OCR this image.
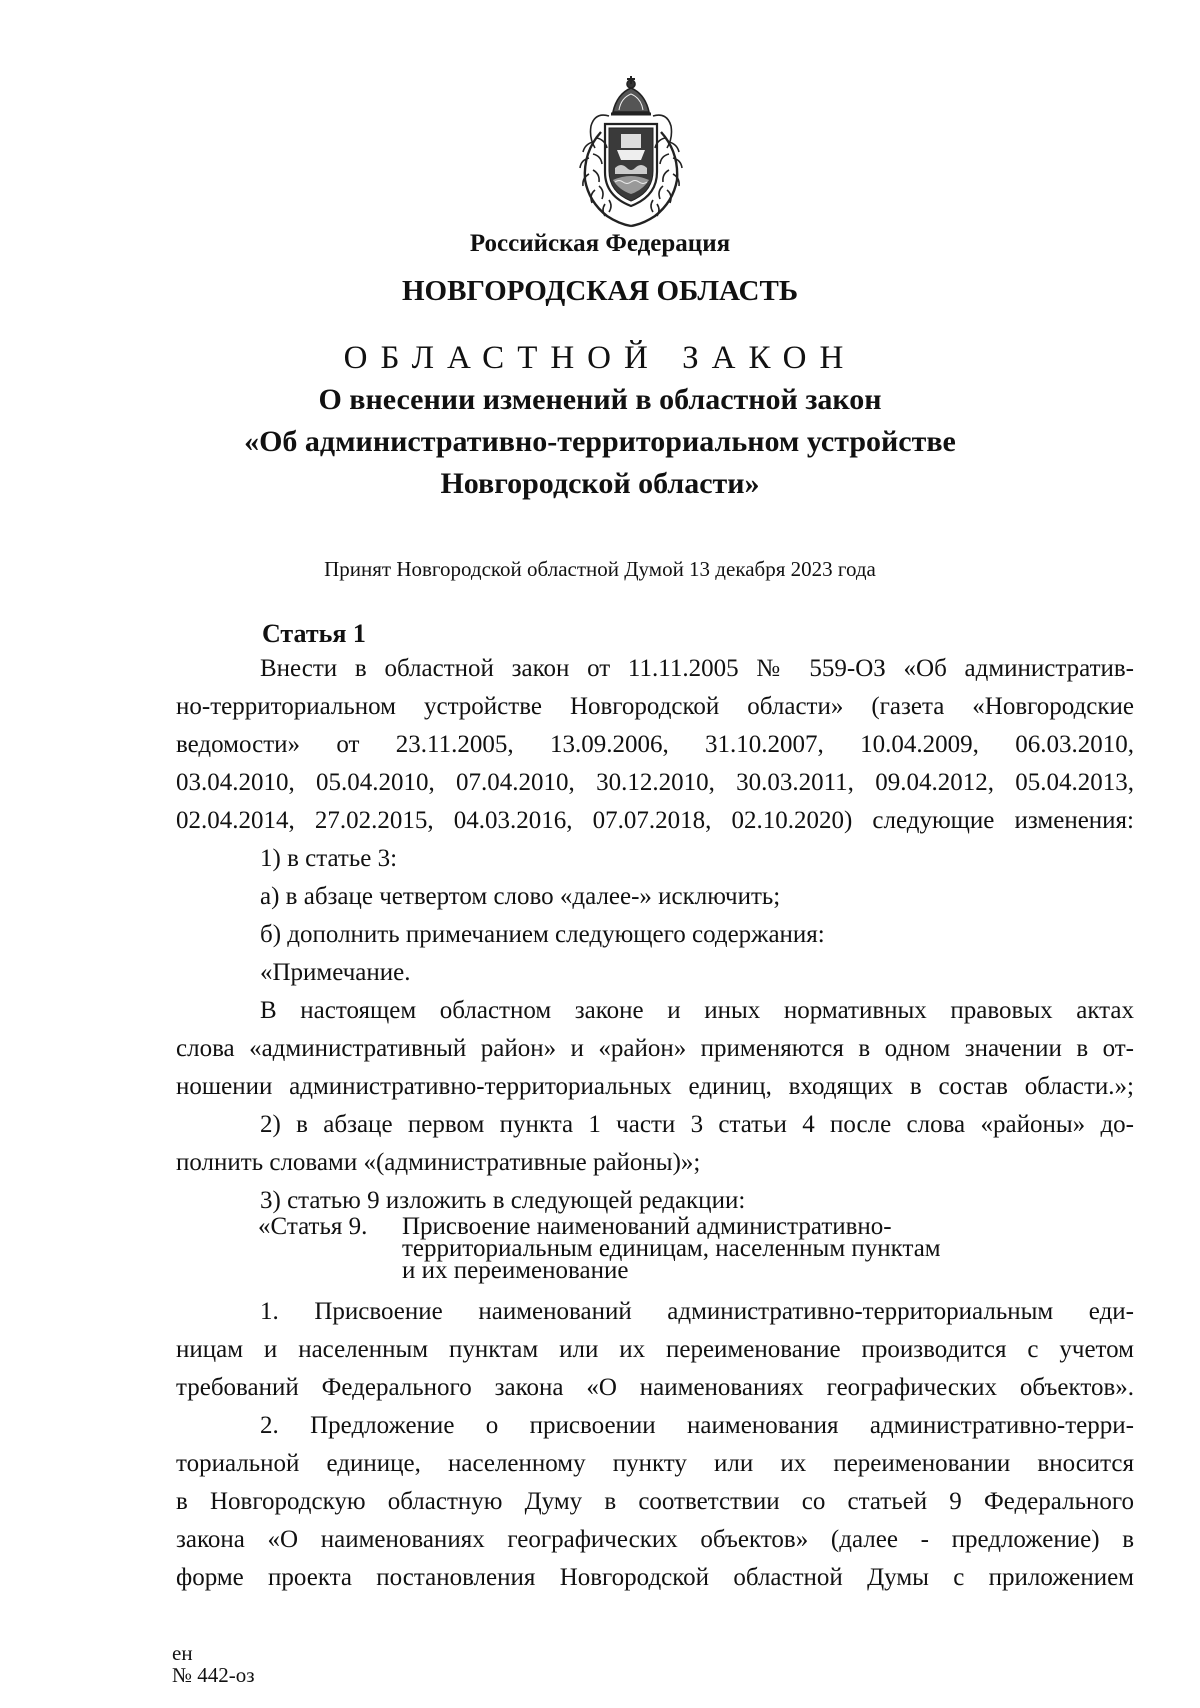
Российская Федерация
НОВГОРОДСКАЯ ОБЛАСТЬ
ОБЛАСТНОЙ ЗАКОН
О внесении изменений в областной закон
«Об административно-территориальном устройстве
Новгородской области»
Принят Новгородской областной Думой 13 декабря 2023 года
Статья 1
Внести в областной закон от 11.11.2005 № 559-ОЗ «Об административ-
но-территориальном устройстве Новгородской области» (газета «Новгородские
ведомости» от 23.11.2005, 13.09.2006, 31.10.2007, 10.04.2009, 06.03.2010,
03.04.2010, 05.04.2010, 07.04.2010, 30.12.2010, 30.03.2011, 09.04.2012, 05.04.2013,
02.04.2014, 27.02.2015, 04.03.2016, 07.07.2018, 02.10.2020) следующие изменения:
1) в статье 3:
а) в абзаце четвертом слово «далее-» исключить;
б) дополнить примечанием следующего содержания:
«Примечание.
В настоящем областном законе и иных нормативных правовых актах
слова «административный район» и «район» применяются в одном значении в от-
ношении административно-территориальных единиц, входящих в состав области.»;
2) в абзаце первом пункта 1 части 3 статьи 4 после слова «районы» до-
полнить словами «(административные районы)»;
3) статью 9 изложить в следующей редакции:
«Статья 9. Присвоение наименований административно-
территориальным единицам, населенным пунктам
и их переименование
1. Присвоение наименований административно-территориальным еди-
ницам и населенным пунктам или их переименование производится с учетом
требований Федерального закона «О наименованиях географических объектов».
2. Предложение о присвоении наименования административно-терри-
ториальной единице, населенному пункту или их переименовании вносится
в Новгородскую областную Думу в соответствии со статьей 9 Федерального
закона «О наименованиях географических объектов» (далее - предложение) в
форме проекта постановления Новгородской областной Думы с приложением
ен
№ 442-оз
